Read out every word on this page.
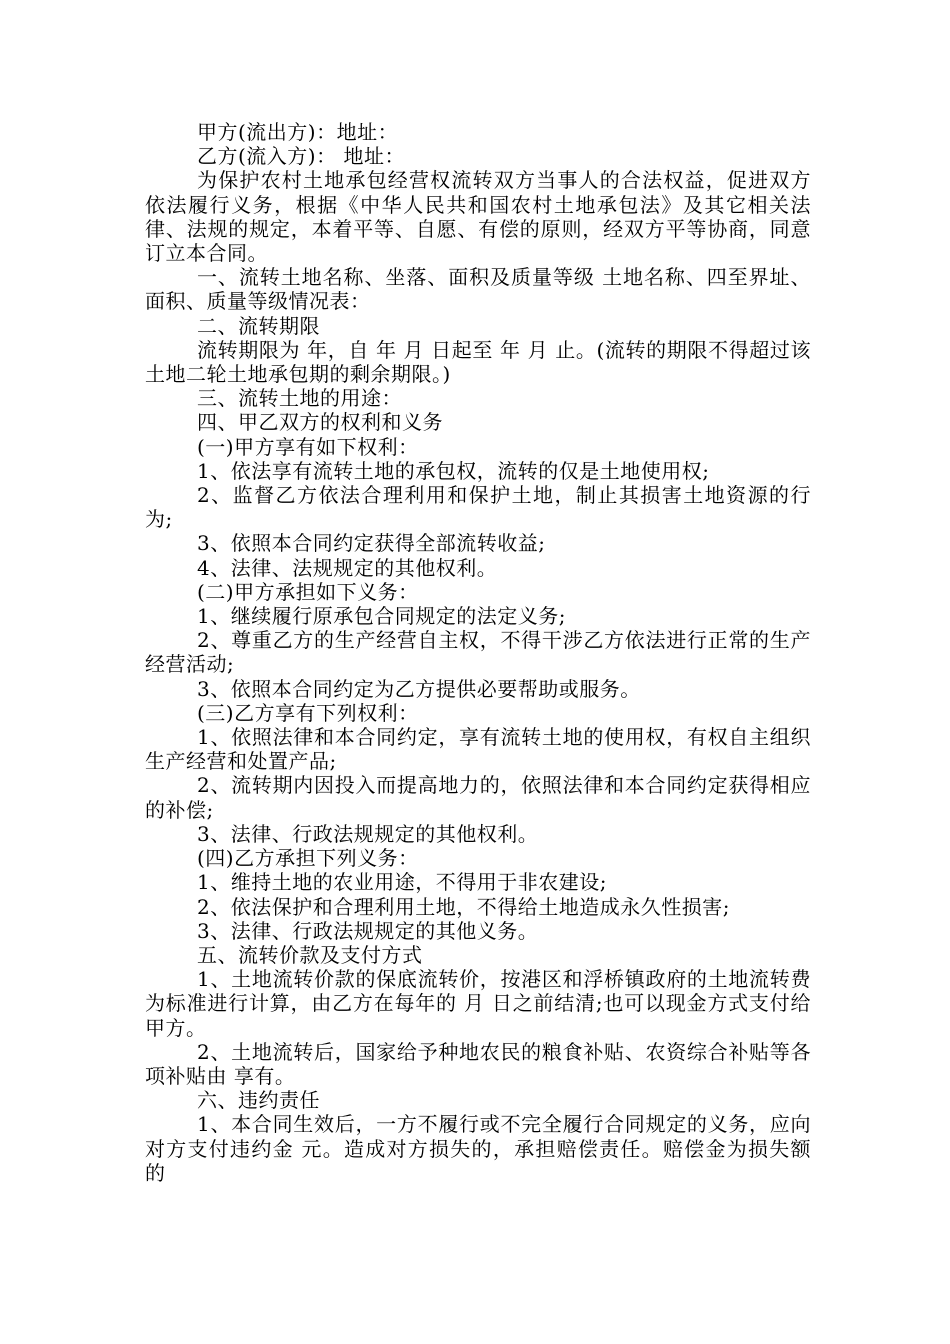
甲方(流出方)：地址：

乙方(流入方)： 地址：

为保护农村土地承包经营权流转双方当事人的合法权益，促进双方依法履行义务，根据《中华人民共和国农村土地承包法》及其它相关法律、法规的规定，本着平等、自愿、有偿的原则，经双方平等协商，同意订立本合同。

一、流转土地名称、坐落、面积及质量等级 土地名称、四至界址、面积、质量等级情况表：

二、流转期限

流转期限为 年，自 年 月 日起至 年 月 止。(流转的期限不得超过该土地二轮土地承包期的剩余期限。)

三、流转土地的用途：

四、甲乙双方的权利和义务

(一)甲方享有如下权利：

1、依法享有流转土地的承包权，流转的仅是土地使用权;

2、监督乙方依法合理利用和保护土地，制止其损害土地资源的行为;

3、依照本合同约定获得全部流转收益;

4、法律、法规规定的其他权利。

(二)甲方承担如下义务：

1、继续履行原承包合同规定的法定义务;

2、尊重乙方的生产经营自主权，不得干涉乙方依法进行正常的生产经营活动;

3、依照本合同约定为乙方提供必要帮助或服务。

(三)乙方享有下列权利：

1、依照法律和本合同约定，享有流转土地的使用权，有权自主组织生产经营和处置产品;

2、流转期内因投入而提高地力的，依照法律和本合同约定获得相应的补偿;

3、法律、行政法规规定的其他权利。

(四)乙方承担下列义务：

1、维持土地的农业用途，不得用于非农建设;

2、依法保护和合理利用土地，不得给土地造成永久性损害;

3、法律、行政法规规定的其他义务。

五、流转价款及支付方式

1、土地流转价款的保底流转价，按港区和浮桥镇政府的土地流转费为标准进行计算，由乙方在每年的 月 日之前结清;也可以现金方式支付给甲方。

2、土地流转后，国家给予种地农民的粮食补贴、农资综合补贴等各项补贴由 享有。

六、违约责任

1、本合同生效后，一方不履行或不完全履行合同规定的义务，应向对方支付违约金 元。造成对方损失的，承担赔偿责任。赔偿金为损失额 的
